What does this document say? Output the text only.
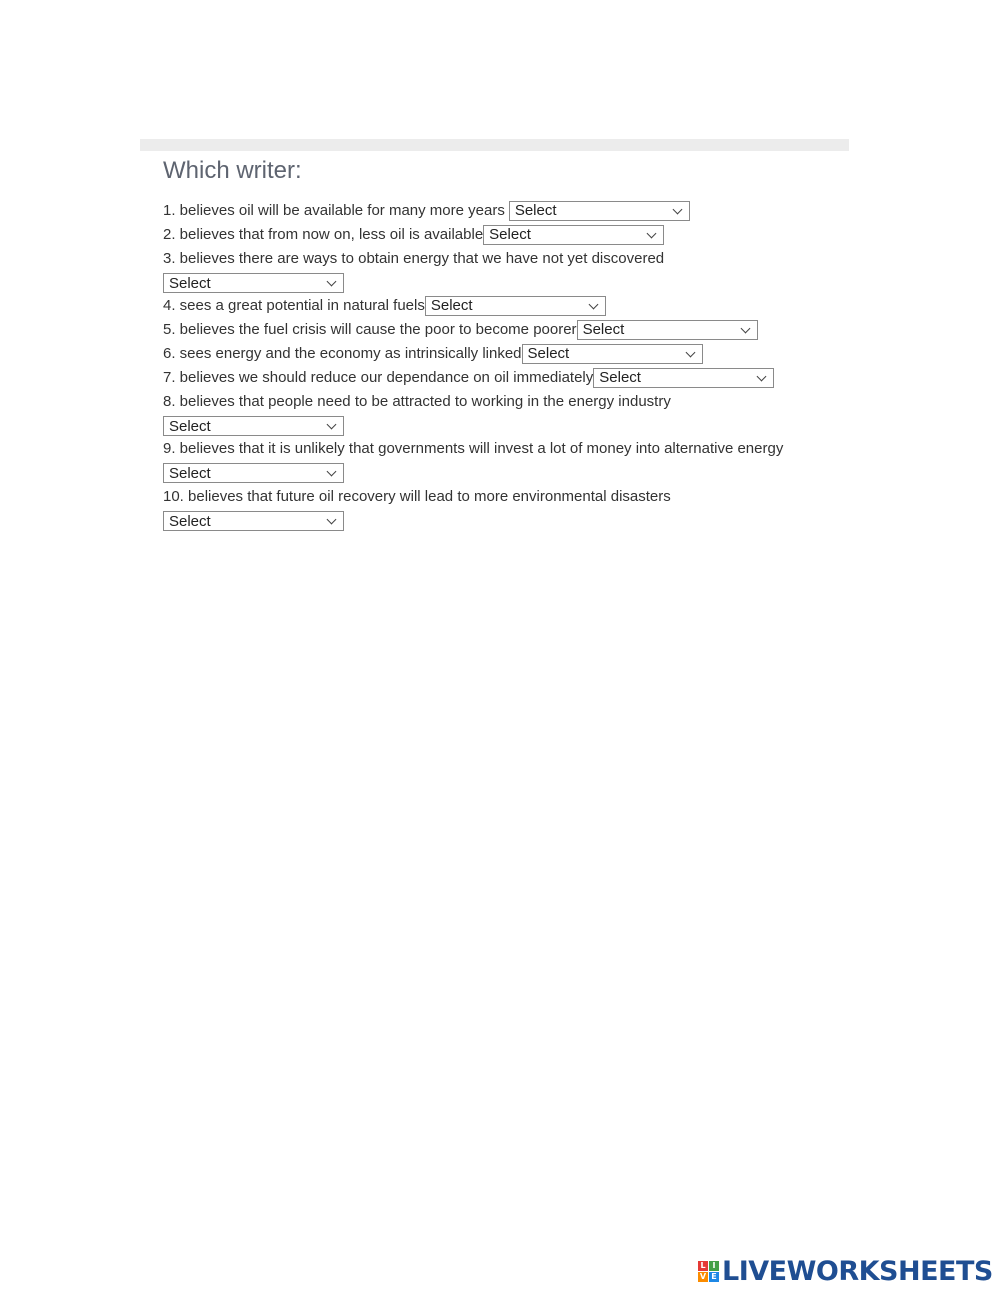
Which writer:
1. believes oil will be available for many more years Select
2. believes that from now on, less oil is available Select
3. believes there are ways to obtain energy that we have not yet discovered
Select
4. sees a great potential in natural fuels Select
5. believes the fuel crisis will cause the poor to become poorer Select
6. sees energy and the economy as intrinsically linked Select
7. believes we should reduce our dependance on oil immediately Select
8. believes that people need to be attracted to working in the energy industry
Select
9. believes that it is unlikely that governments will invest a lot of money into alternative energy
Select
10. believes that future oil recovery will lead to more environmental disasters
Select
L I
V E LIVEWORKSHEETS
